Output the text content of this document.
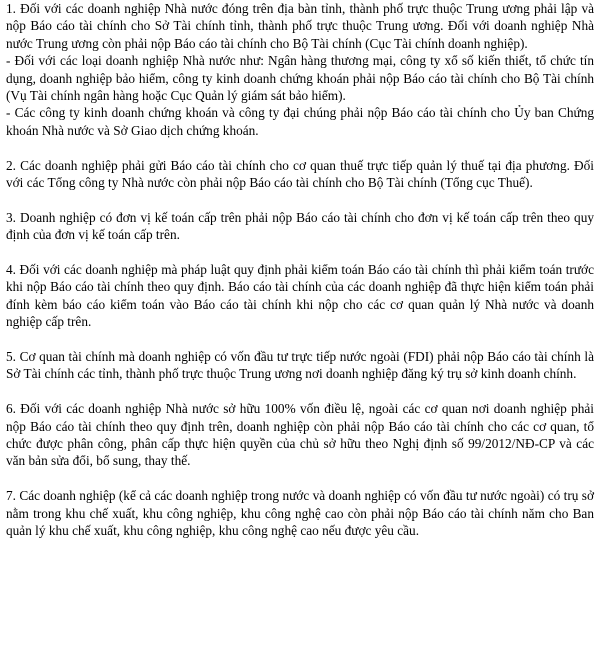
1. Đối với các doanh nghiệp Nhà nước đóng trên địa bàn tỉnh, thành phố trực thuộc Trung ương phải lập và nộp Báo cáo tài chính cho Sở Tài chính tỉnh, thành phố trực thuộc Trung ương. Đối với doanh nghiệp Nhà nước Trung ương còn phải nộp Báo cáo tài chính cho Bộ Tài chính (Cục Tài chính doanh nghiệp).
- Đối với các loại doanh nghiệp Nhà nước như: Ngân hàng thương mại, công ty xổ số kiến thiết, tổ chức tín dụng, doanh nghiệp bảo hiểm, công ty kinh doanh chứng khoán phải nộp Báo cáo tài chính cho Bộ Tài chính (Vụ Tài chính ngân hàng hoặc Cục Quản lý giám sát bảo hiểm).
- Các công ty kinh doanh chứng khoán và công ty đại chúng phải nộp Báo cáo tài chính cho Ủy ban Chứng khoán Nhà nước và Sở Giao dịch chứng khoán.
2. Các doanh nghiệp phải gửi Báo cáo tài chính cho cơ quan thuế trực tiếp quản lý thuế tại địa phương. Đối với các Tổng công ty Nhà nước còn phải nộp Báo cáo tài chính cho Bộ Tài chính (Tổng cục Thuế).
3. Doanh nghiệp có đơn vị kế toán cấp trên phải nộp Báo cáo tài chính cho đơn vị kế toán cấp trên theo quy định của đơn vị kế toán cấp trên.
4. Đối với các doanh nghiệp mà pháp luật quy định phải kiểm toán Báo cáo tài chính thì phải kiểm toán trước khi nộp Báo cáo tài chính theo quy định. Báo cáo tài chính của các doanh nghiệp đã thực hiện kiểm toán phải đính kèm báo cáo kiểm toán vào Báo cáo tài chính khi nộp cho các cơ quan quản lý Nhà nước và doanh nghiệp cấp trên.
5. Cơ quan tài chính mà doanh nghiệp có vốn đầu tư trực tiếp nước ngoài (FDI) phải nộp Báo cáo tài chính là Sở Tài chính các tỉnh, thành phố trực thuộc Trung ương nơi doanh nghiệp đăng ký trụ sở kinh doanh chính.
6. Đối với các doanh nghiệp Nhà nước sở hữu 100% vốn điều lệ, ngoài các cơ quan nơi doanh nghiệp phải nộp Báo cáo tài chính theo quy định trên, doanh nghiệp còn phải nộp Báo cáo tài chính cho các cơ quan, tổ chức được phân công, phân cấp thực hiện quyền của chủ sở hữu theo Nghị định số 99/2012/NĐ-CP và các văn bản sửa đổi, bổ sung, thay thế.
7. Các doanh nghiệp (kể cả các doanh nghiệp trong nước và doanh nghiệp có vốn đầu tư nước ngoài) có trụ sở nằm trong khu chế xuất, khu công nghiệp, khu công nghệ cao còn phải nộp Báo cáo tài chính năm cho Ban quản lý khu chế xuất, khu công nghiệp, khu công nghệ cao nếu được yêu cầu.
